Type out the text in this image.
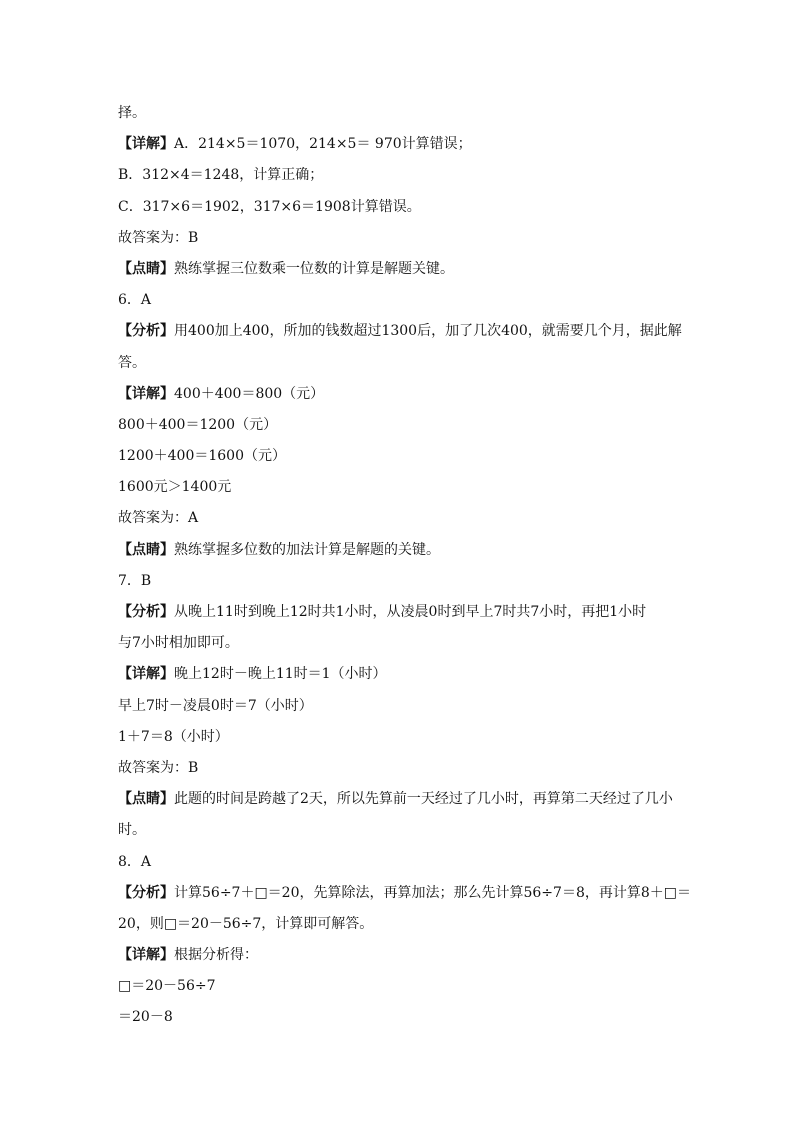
择。
【详解】A．214×5＝1070，214×5＝ 970计算错误；
B．312×4＝1248，计算正确；
C．317×6＝1902，317×6＝1908计算错误。
故答案为：B
【点睛】熟练掌握三位数乘一位数的计算是解题关键。
6．A
【分析】用400加上400，所加的钱数超过1300后，加了几次400，就需要几个月，据此解
答。
【详解】400＋400＝800（元）
800＋400＝1200（元）
1200＋400＝1600（元）
1600元＞1400元
故答案为：A
【点睛】熟练掌握多位数的加法计算是解题的关键。
7．B
【分析】从晚上11时到晚上12时共1小时，从凌晨0时到早上7时共7小时，再把1小时
与7小时相加即可。
【详解】晚上12时－晚上11时＝1（小时）
早上7时－凌晨0时＝7（小时）
1＋7＝8（小时）
故答案为：B
【点睛】此题的时间是跨越了2天，所以先算前一天经过了几小时，再算第二天经过了几小
时。
8．A
【分析】计算56÷7＋□＝20，先算除法，再算加法；那么先计算56÷7＝8，再计算8＋□＝
20，则□＝20－56÷7，计算即可解答。
【详解】根据分析得：
□＝20－56÷7
＝20－8
